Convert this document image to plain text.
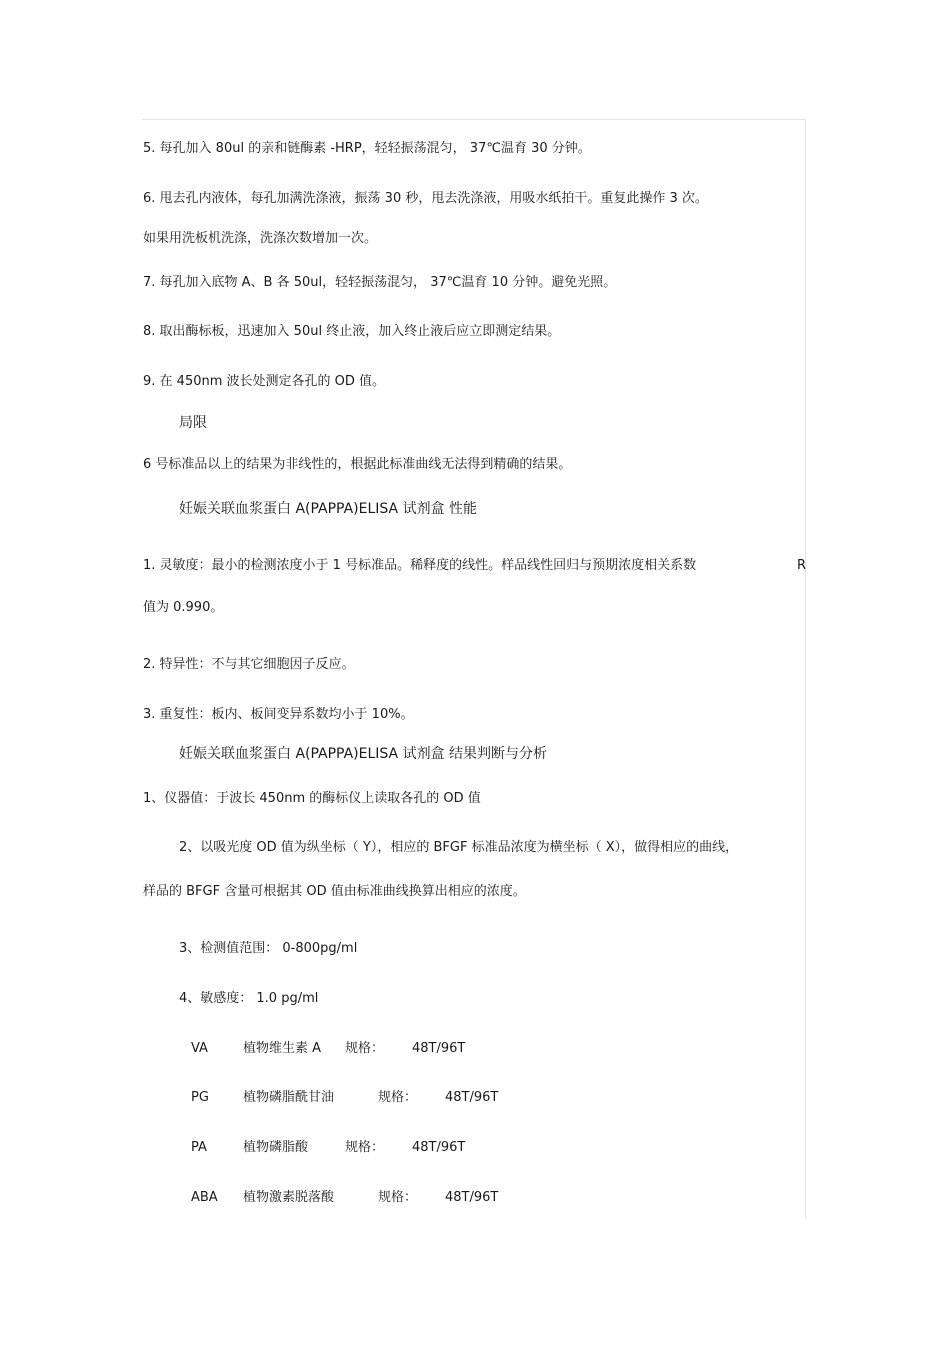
5. 每孔加入 80ul 的亲和链酶素 -HRP，轻轻振荡混匀， 37℃温育 30 分钟。
6. 甩去孔内液体，每孔加满洗涤液，振荡 30 秒，甩去洗涤液，用吸水纸拍干。重复此操作 3 次。
如果用洗板机洗涤，洗涤次数增加一次。
7. 每孔加入底物 A、B 各 50ul，轻轻振荡混匀， 37℃温育 10 分钟。避免光照。
8. 取出酶标板，迅速加入 50ul 终止液，加入终止液后应立即测定结果。
9. 在 450nm 波长处测定各孔的 OD 值。
局限
6 号标准品以上的结果为非线性的，根据此标准曲线无法得到精确的结果。
妊娠关联血浆蛋白 A(PAPPA)ELISA 试剂盒 性能
1. 灵敏度：最小的检测浓度小于 1 号标准品。稀释度的线性。样品线性回归与预期浓度相关系数	R
值为 0.990。
2. 特异性：不与其它细胞因子反应。
3. 重复性：板内、板间变异系数均小于 10%。
妊娠关联血浆蛋白 A(PAPPA)ELISA 试剂盒 结果判断与分析
1、仪器值：于波长 450nm 的酶标仪上读取各孔的 OD 值
2、以吸光度 OD 值为纵坐标（ Y），相应的 BFGF 标准品浓度为横坐标（ X），做得相应的曲线，
样品的 BFGF 含量可根据其 OD 值由标准曲线换算出相应的浓度。
3、检测值范围： 0-800pg/ml
4、敏感度： 1.0 pg/ml
VA	植物维生素 A 规格： 48T/96T
PG	植物磷脂酰甘油	规格： 48T/96T
PA	植物磷脂酸	规格： 48T/96T
ABA 植物激素脱落酸	规格： 48T/96T
